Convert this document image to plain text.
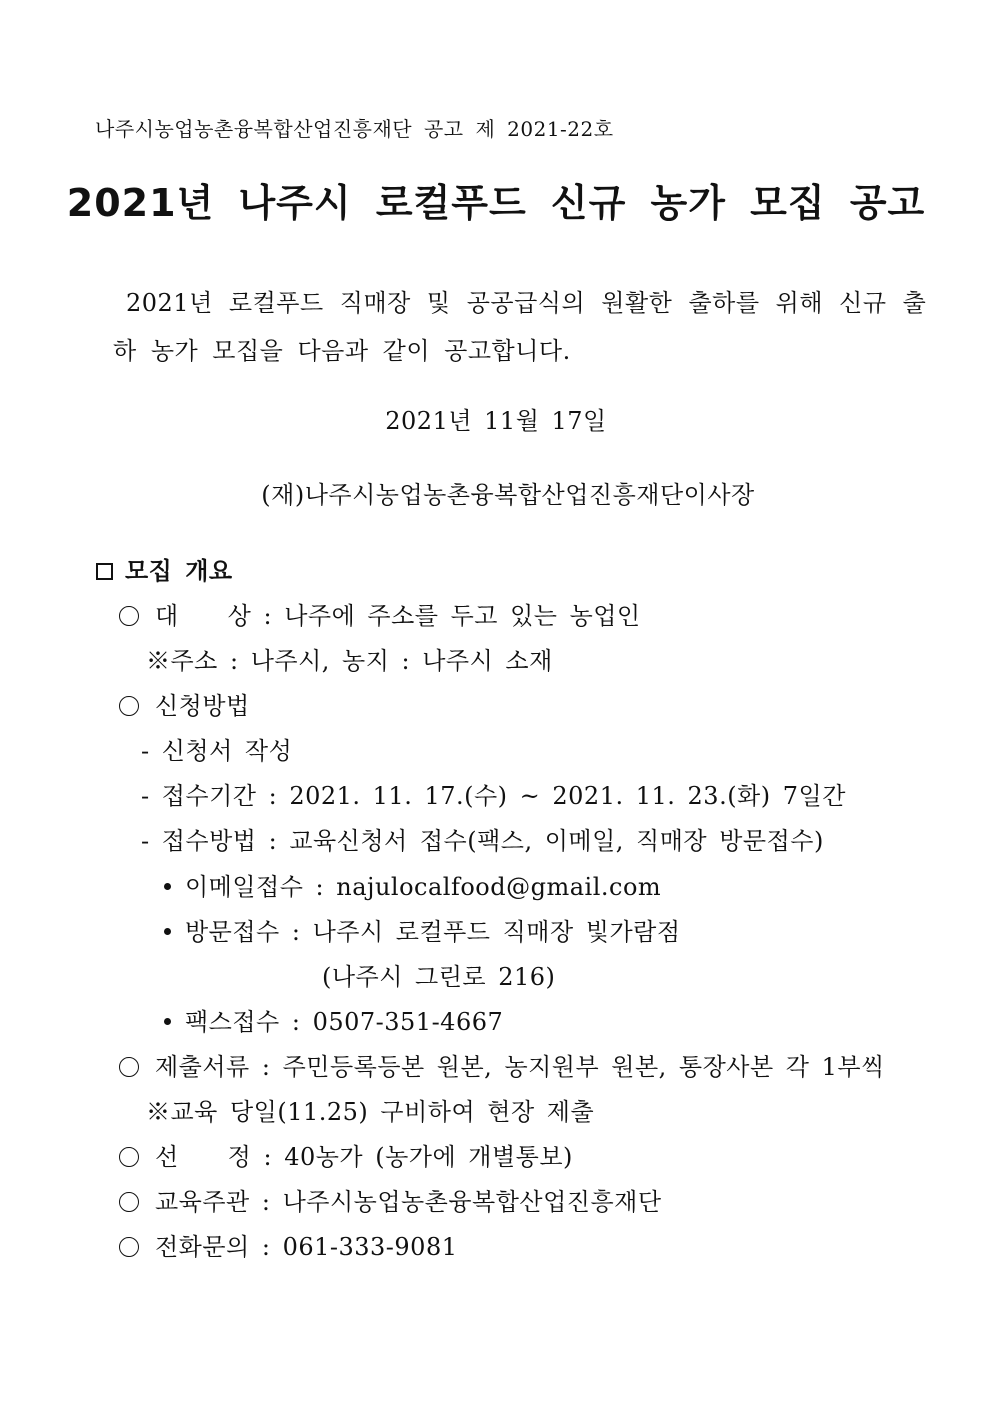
나주시농업농촌융복합산업진흥재단 공고 제 2021-22호
2021년 나주시 로컬푸드 신규 농가 모집 공고
2021년 로컬푸드 직매장 및 공공급식의 원활한 출하를 위해 신규 출
하 농가 모집을 다음과 같이 공고합니다.
2021년 11월 17일
(재)나주시농업농촌융복합산업진흥재단이사장
모집 개요
대　　상 : 나주에 주소를 두고 있는 농업인
※주소 : 나주시, 농지 : 나주시 소재
신청방법
- 신청서 작성
- 접수기간 : 2021. 11. 17.(수) ~ 2021. 11. 23.(화) 7일간
- 접수방법 : 교육신청서 접수(팩스, 이메일, 직매장 방문접수)
이메일접수 : najulocalfood@gmail.com
방문접수 : 나주시 로컬푸드 직매장 빛가람점
(나주시 그린로 216)
팩스접수 : 0507-351-4667
제출서류 : 주민등록등본 원본, 농지원부 원본, 통장사본 각 1부씩
※교육 당일(11.25) 구비하여 현장 제출
선　　정 : 40농가 (농가에 개별통보)
교육주관 : 나주시농업농촌융복합산업진흥재단
전화문의 : 061-333-9081
